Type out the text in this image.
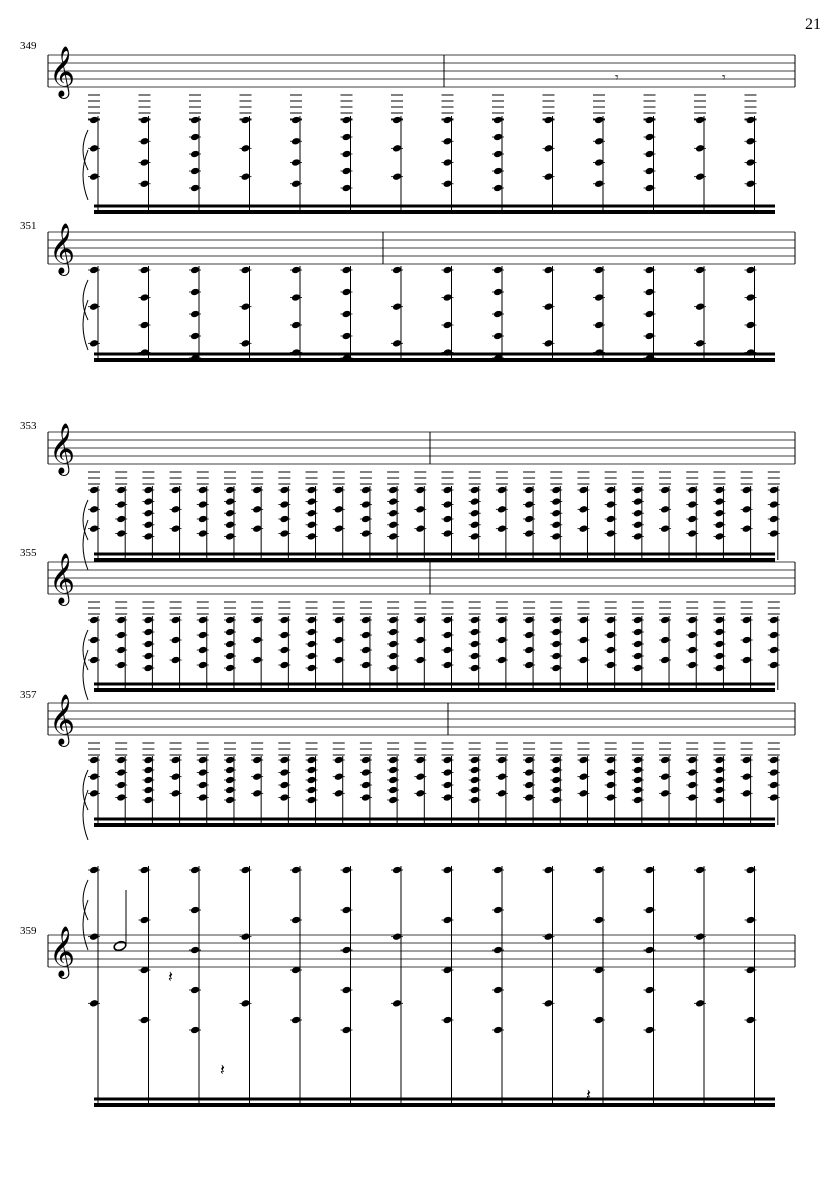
21
349
351
353
355
357
359
𝄞
𝄞
𝄞
𝄞
𝄞
𝄞
𝄾	𝄾
𝄽
𝄽
𝄽
